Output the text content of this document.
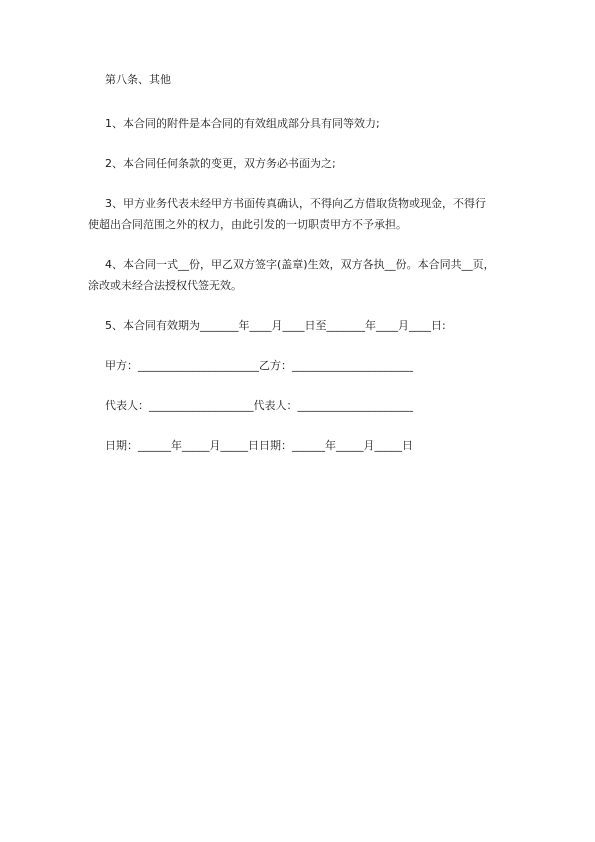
第八条、其他
1、本合同的附件是本合同的有效组成部分具有同等效力;
2、本合同任何条款的变更，双方务必书面为之;
3、甲方业务代表未经甲方书面传真确认，不得向乙方借取货物或现金，不得行
使超出合同范围之外的权力，由此引发的一切职责甲方不予承担。
4、本合同一式__份，甲乙双方签字(盖章)生效，双方各执__份。本合同共__页，
涂改或未经合法授权代签无效。
5、本合同有效期为_______年____月____日至_______年____月____日:
甲方：______________________乙方：______________________
代表人：___________________代表人：_____________________
日期：______年_____月_____日日期：______年_____月_____日
